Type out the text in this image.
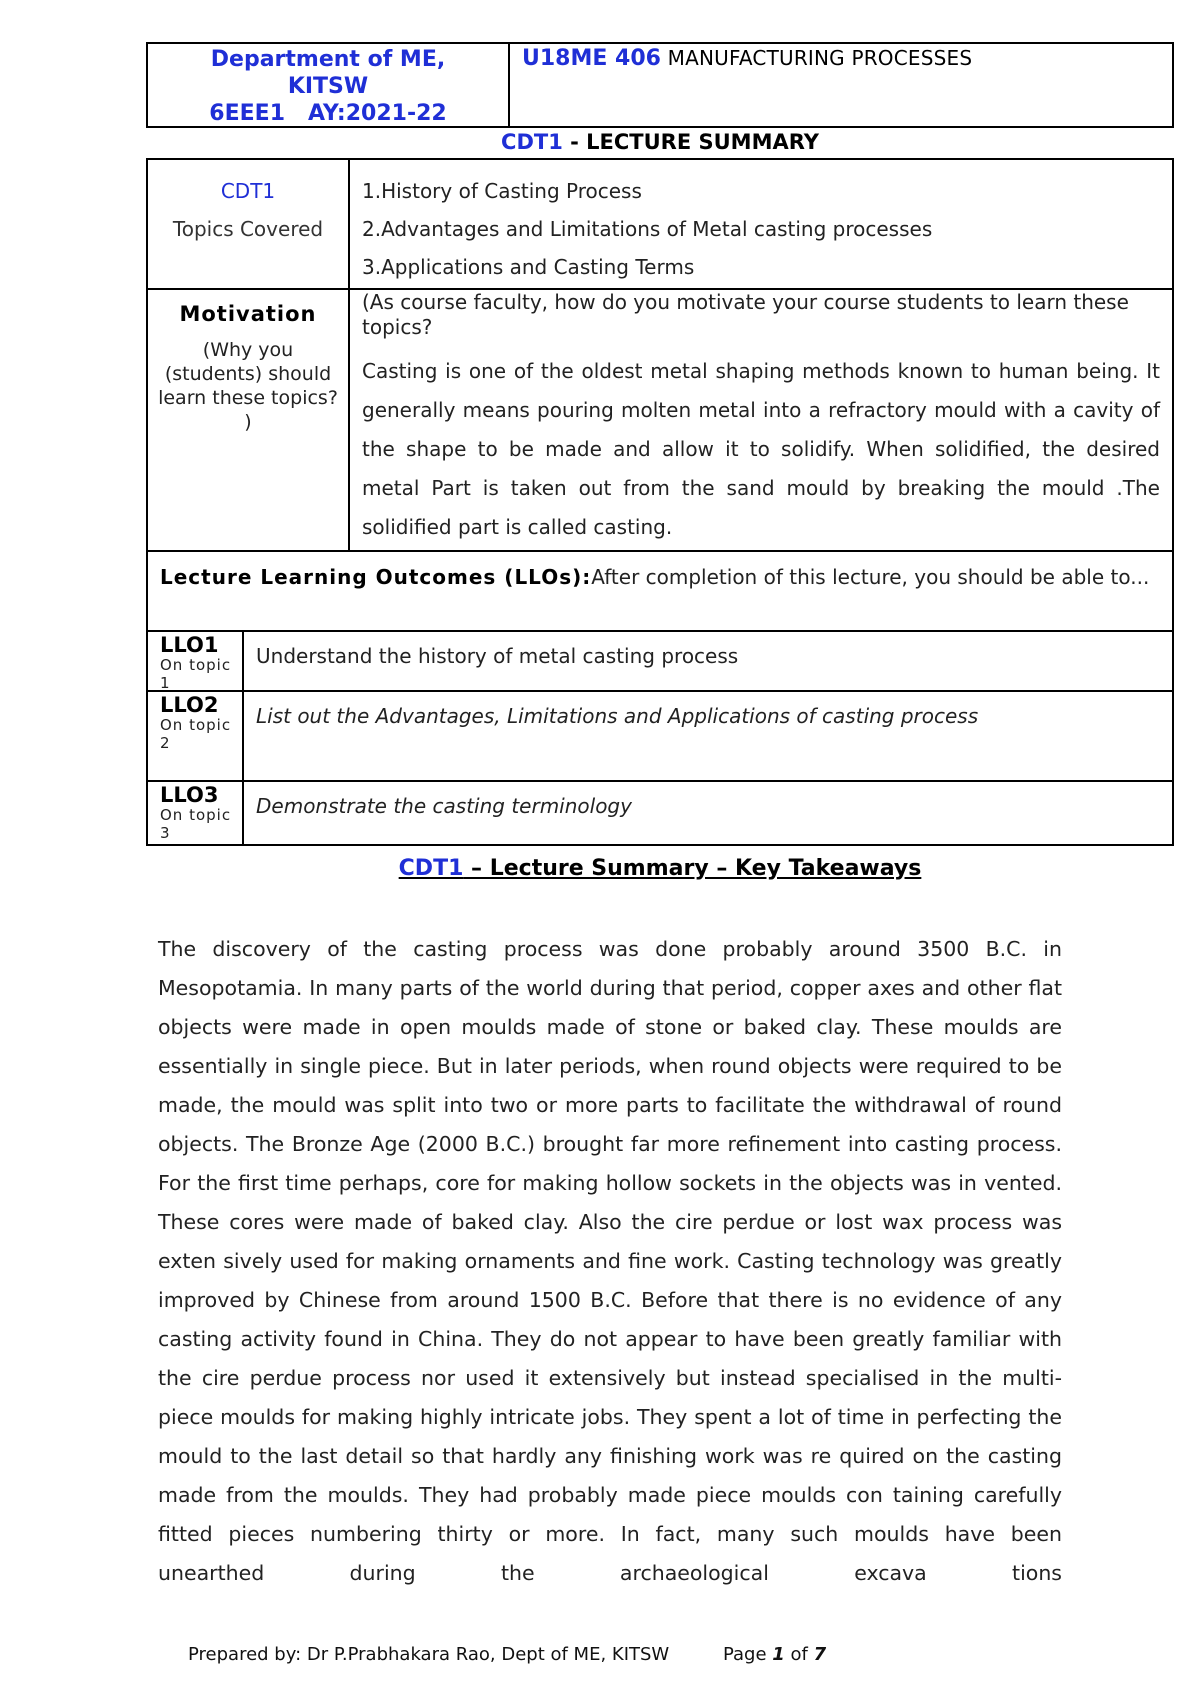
Department of ME,
KITSW
6EEE1   AY:2021-22
U18ME 406 MANUFACTURING PROCESSES
CDT1 - LECTURE SUMMARY
CDT1
Topics Covered
1.History of Casting Process
2.Advantages and Limitations of Metal casting processes
3.Applications and Casting Terms
Motivation
(Why you (students) should learn these topics? )
(As course faculty, how do you motivate your course students to learn these topics?
Casting is one of the oldest metal shaping methods known to human being. It generally means pouring molten metal into a refractory mould with a cavity of the shape to be made and allow it to solidify. When solidified, the desired metal Part is taken out from the sand mould by breaking the mould .The solidified part is called casting.
Lecture Learning Outcomes (LLOs):After completion of this lecture, you should be able to...
LLO1
On topic
1
Understand the history of metal casting process
LLO2
On topic
2
List out the Advantages, Limitations and Applications of casting process
LLO3
On topic
3
Demonstrate the casting terminology
CDT1 – Lecture Summary – Key Takeaways
The discovery of the casting process was done probably around 3500 B.C. in Mesopotamia. In many parts of the world during that period, copper axes and other flat objects were made in open moulds made of stone or baked clay. These moulds are essentially in single piece. But in later periods, when round objects were required to be made, the mould was split into two or more parts to facilitate the withdrawal of round objects. The Bronze Age (2000 B.C.) brought far more refinement into casting process. For the first time perhaps, core for making hollow sockets in the objects was in vented. These cores were made of baked clay. Also the cire perdue or lost wax process was exten sively used for making ornaments and fine work. Casting technology was greatly improved by Chinese from around 1500 B.C. Before that there is no evidence of any casting activity found in China. They do not appear to have been greatly familiar with the cire perdue process nor used it extensively but instead specialised in the multi-piece moulds for making highly intricate jobs. They spent a lot of time in perfecting the mould to the last detail so that hardly any finishing work was re quired on the casting made from the moulds. They had probably made piece moulds con taining carefully fitted pieces numbering thirty or more. In fact, many such moulds have been unearthed during the archaeological excava tions
Prepared by: Dr P.Prabhakara Rao, Dept of ME, KITSW	Page 1 of 7
